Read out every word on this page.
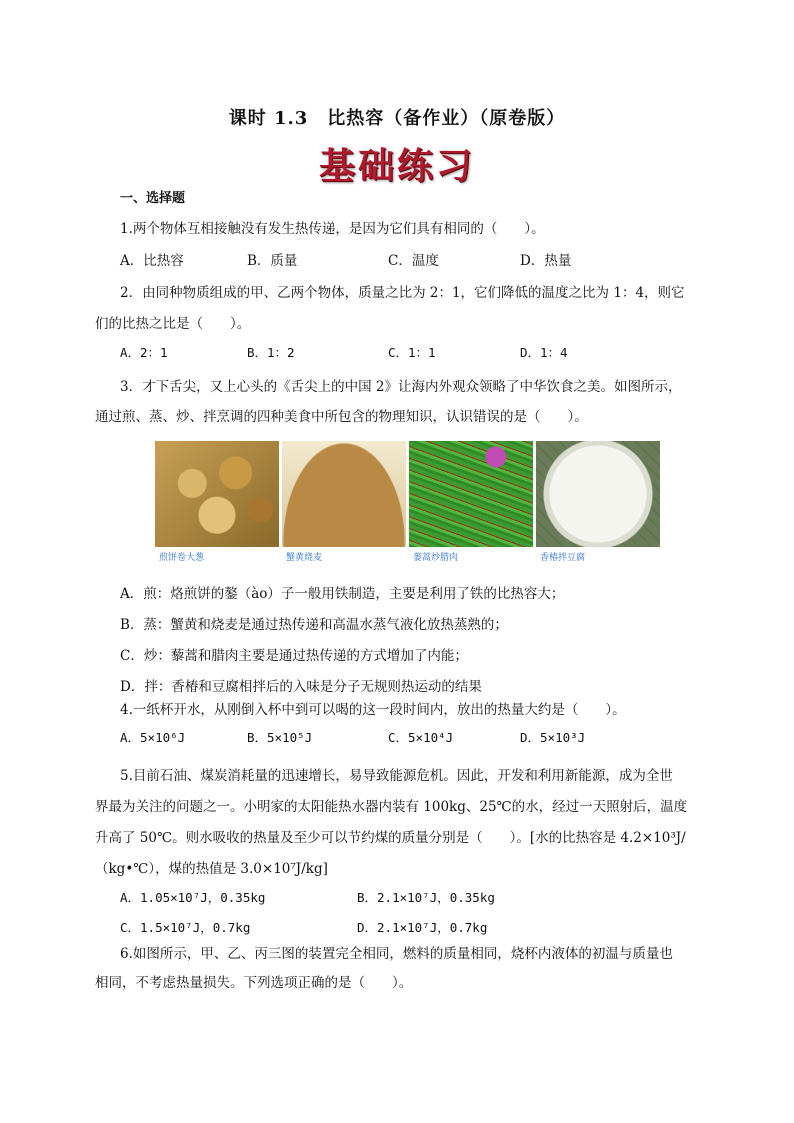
课时 1.3　比热容（备作业）（原卷版）
基础练习
一、选择题
1.两个物体互相接触没有发生热传递，是因为它们具有相同的（　　）。
A．比热容	B．质量	C．温度	D．热量
2．由同种物质组成的甲、乙两个物体，质量之比为 2：1，它们降低的温度之比为 1：4，则它
们的比热之比是（　　）。
A．2：1	B．1：2	C．1：1	D．1：4
3．才下舌尖，又上心头的《舌尖上的中国 2》让海内外观众领略了中华饮食之美。如图所示，
通过煎、蒸、炒、拌烹调的四种美食中所包含的物理知识，认识错误的是（　　）。
煎饼卷大葱	蟹黄烧麦	蒌蒿炒腊肉	香椿拌豆腐
A．煎：烙煎饼的鏊（ào）子一般用铁制造，主要是利用了铁的比热容大；
B．蒸：蟹黄和烧麦是通过热传递和高温水蒸气液化放热蒸熟的；
C．炒：藜蒿和腊肉主要是通过热传递的方式增加了内能；
D．拌：香椿和豆腐相拌后的入味是分子无规则热运动的结果
4.一纸杯开水，从刚倒入杯中到可以喝的这一段时间内，放出的热量大约是（　　）。
A．5×10⁶J	B．5×10⁵J	C．5×10⁴J	D．5×10³J
5.目前石油、煤炭消耗量的迅速增长，易导致能源危机。因此，开发和利用新能源，成为全世
界最为关注的问题之一。小明家的太阳能热水器内装有 100kg、25℃的水，经过一天照射后，温度
升高了 50℃。则水吸收的热量及至少可以节约煤的质量分别是（　　）。[水的比热容是 4.2×10³J/
（kg•℃），煤的热值是 3.0×10⁷J/kg]
A．1.05×10⁷J，0.35kg	B．2.1×10⁷J，0.35kg
C．1.5×10⁷J，0.7kg	D．2.1×10⁷J，0.7kg
6.如图所示，甲、乙、丙三图的装置完全相同，燃料的质量相同，烧杯内液体的初温与质量也
相同，不考虑热量损失。下列选项正确的是（　　）。
